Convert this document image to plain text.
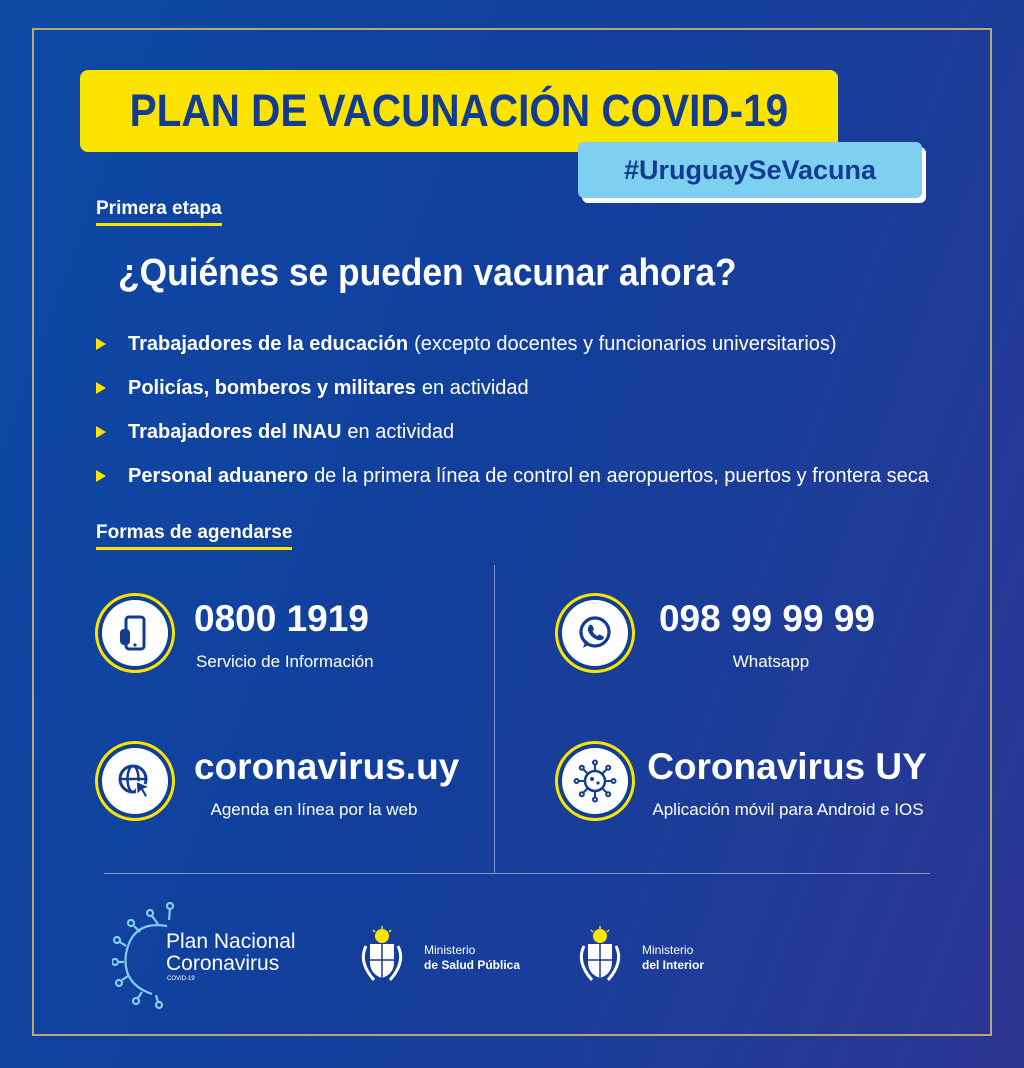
PLAN DE VACUNACIÓN COVID-19
#UruguaySeVacuna
Primera etapa
¿Quiénes se pueden vacunar ahora?
Trabajadores de la educación (excepto docentes y funcionarios universitarios)
Policías, bomberos y militares en actividad
Trabajadores del INAU en actividad
Personal aduanero de la primera línea de control en aeropuertos, puertos y frontera seca
Formas de agendarse
0800 1919
Servicio de Información
098 99 99 99
Whatsapp
coronavirus.uy
Agenda en línea por la web
Coronavirus UY
Aplicación móvil para Android e IOS
Plan Nacional
Coronavirus
COVID-19
Ministerio
de Salud Pública
Ministerio
del Interior
